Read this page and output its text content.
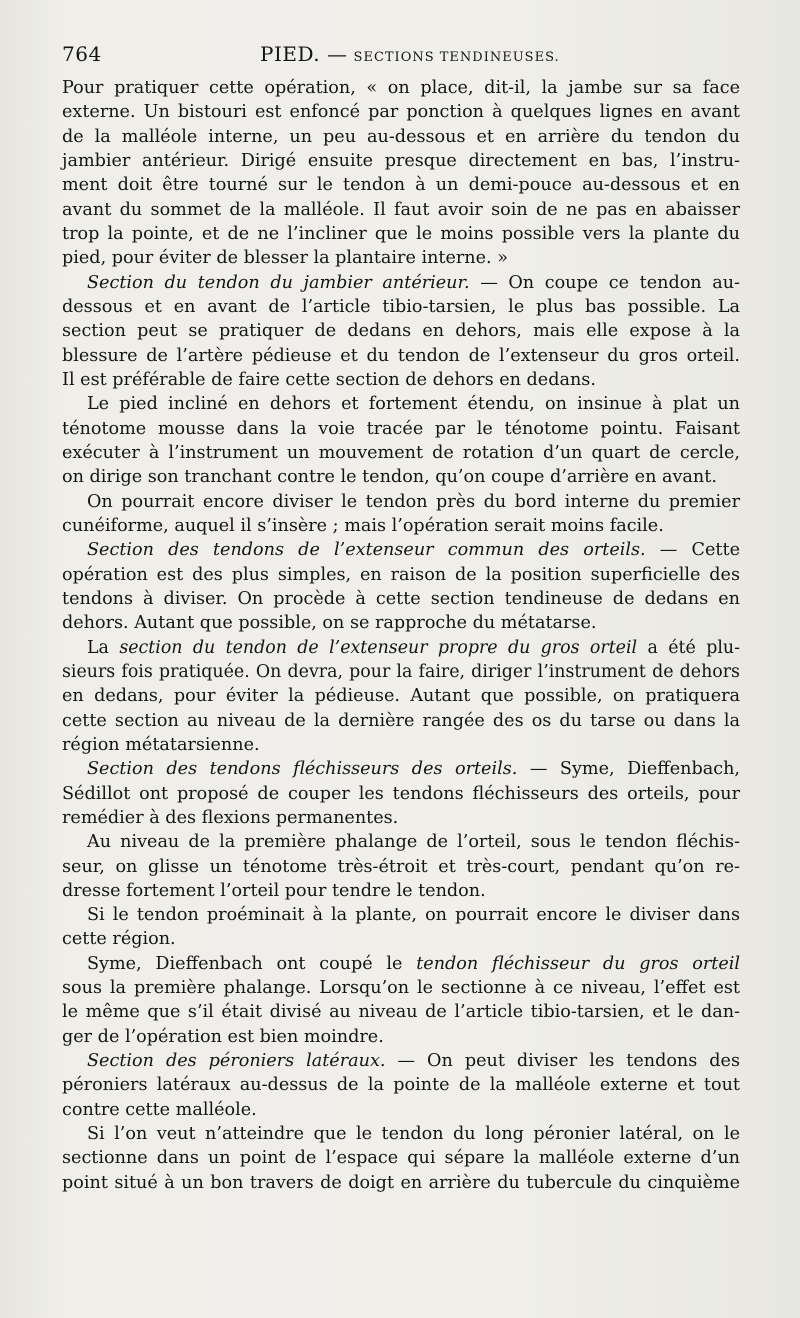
764	PIED. — SECTIONS TENDINEUSES.
Pour pratiquer cette opération, « on place, dit-il, la jambe sur sa face
externe. Un bistouri est enfoncé par ponction à quelques lignes en avant
de la malléole interne, un peu au-dessous et en arrière du tendon du
jambier antérieur. Dirigé ensuite presque directement en bas, l’instru-
ment doit être tourné sur le tendon à un demi-pouce au-dessous et en
avant du sommet de la malléole. Il faut avoir soin de ne pas en abaisser
trop la pointe, et de ne l’incliner que le moins possible vers la plante du
pied, pour éviter de blesser la plantaire interne. »
Section du tendon du jambier antérieur. — On coupe ce tendon au-
dessous et en avant de l’article tibio-tarsien, le plus bas possible. La
section peut se pratiquer de dedans en dehors, mais elle expose à la
blessure de l’artère pédieuse et du tendon de l’extenseur du gros orteil.
Il est préférable de faire cette section de dehors en dedans.
Le pied incliné en dehors et fortement étendu, on insinue à plat un
ténotome mousse dans la voie tracée par le ténotome pointu. Faisant
exécuter à l’instrument un mouvement de rotation d’un quart de cercle,
on dirige son tranchant contre le tendon, qu’on coupe d’arrière en avant.
On pourrait encore diviser le tendon près du bord interne du premier
cunéiforme, auquel il s’insère ; mais l’opération serait moins facile.
Section des tendons de l’extenseur commun des orteils. — Cette
opération est des plus simples, en raison de la position superficielle des
tendons à diviser. On procède à cette section tendineuse de dedans en
dehors. Autant que possible, on se rapproche du métatarse.
La section du tendon de l’extenseur propre du gros orteil a été plu-
sieurs fois pratiquée. On devra, pour la faire, diriger l’instrument de dehors
en dedans, pour éviter la pédieuse. Autant que possible, on pratiquera
cette section au niveau de la dernière rangée des os du tarse ou dans la
région métatarsienne.
Section des tendons fléchisseurs des orteils. — Syme, Dieffenbach,
Sédillot ont proposé de couper les tendons fléchisseurs des orteils, pour
remédier à des flexions permanentes.
Au niveau de la première phalange de l’orteil, sous le tendon fléchis-
seur, on glisse un ténotome très-étroit et très-court, pendant qu’on re-
dresse fortement l’orteil pour tendre le tendon.
Si le tendon proéminait à la plante, on pourrait encore le diviser dans
cette région.
Syme, Dieffenbach ont coupé le tendon fléchisseur du gros orteil
sous la première phalange. Lorsqu’on le sectionne à ce niveau, l’effet est
le même que s’il était divisé au niveau de l’article tibio-tarsien, et le dan-
ger de l’opération est bien moindre.
Section des péroniers latéraux. — On peut diviser les tendons des
péroniers latéraux au-dessus de la pointe de la malléole externe et tout
contre cette malléole.
Si l’on veut n’atteindre que le tendon du long péronier latéral, on le
sectionne dans un point de l’espace qui sépare la malléole externe d’un
point situé à un bon travers de doigt en arrière du tubercule du cinquième
